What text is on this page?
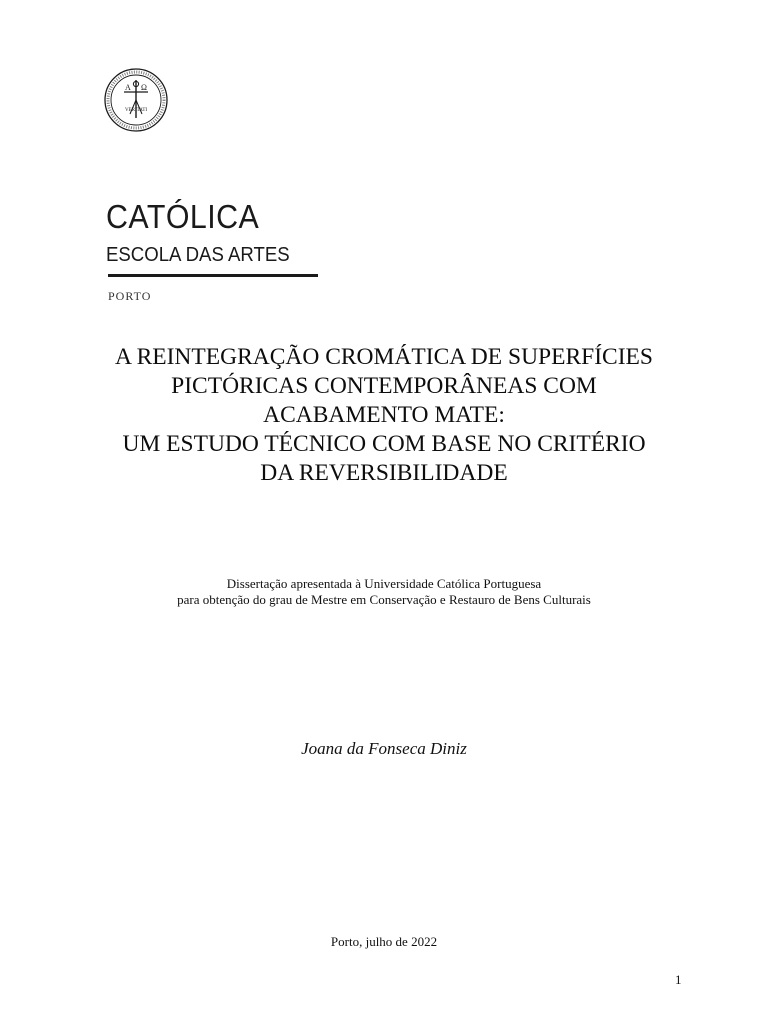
A Ω
VERITATI
CATÓLICA
ESCOLA DAS ARTES
PORTO
A REINTEGRAÇÃO CROMÁTICA DE SUPERFÍCIES
PICTÓRICAS CONTEMPORÂNEAS COM
ACABAMENTO MATE:
UM ESTUDO TÉCNICO COM BASE NO CRITÉRIO
DA REVERSIBILIDADE
Dissertação apresentada à Universidade Católica Portuguesa
para obtenção do grau de Mestre em Conservação e Restauro de Bens Culturais
Joana da Fonseca Diniz
Porto, julho de 2022
1
